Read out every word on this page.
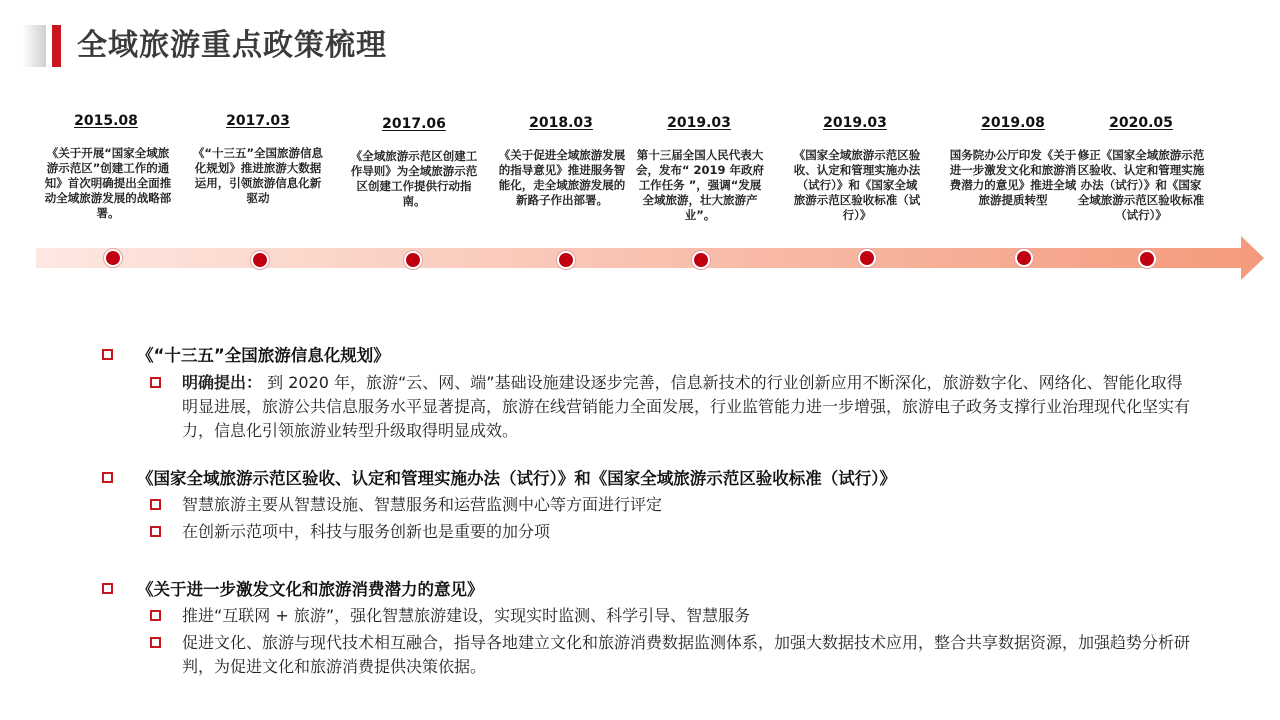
全域旅游重点政策梳理
2015.08
《关于开展“国家全域旅游示范区”创建工作的通知》首次明确提出全面推动全域旅游发展的战略部署。
2017.03
《“十三五”全国旅游信息化规划》推进旅游大数据运用，引领旅游信息化新驱动
2017.06
《全域旅游示范区创建工作导则》为全域旅游示范区创建工作提供行动指南。
2018.03
《关于促进全域旅游发展的指导意见》推进服务智能化，走全域旅游发展的新路子作出部署。
2019.03
第十三届全国人民代表大会，发布“ 2019 年政府工作任务 ”，强调“发展全域旅游，壮大旅游产业”。
2019.03
《国家全域旅游示范区验收、认定和管理实施办法（试行）》和《国家全域旅游示范区验收标准（试行）》
2019.08
国务院办公厅印发《关于进一步激发文化和旅游消费潜力的意见》推进全域旅游提质转型
2020.05
修正《国家全域旅游示范区验收、认定和管理实施办法（试行）》和《国家全域旅游示范区验收标准（试行）》
《“十三五”全国旅游信息化规划》
明确提出： 到 2020 年，旅游“云、网、端”基础设施建设逐步完善，信息新技术的行业创新应用不断深化，旅游数字化、网络化、智能化取得明显进展，旅游公共信息服务水平显著提高，旅游在线营销能力全面发展，行业监管能力进一步增强，旅游电子政务支撑行业治理现代化坚实有力，信息化引领旅游业转型升级取得明显成效。
《国家全域旅游示范区验收、认定和管理实施办法（试行）》和《国家全域旅游示范区验收标准（试行）》
智慧旅游主要从智慧设施、智慧服务和运营监测中心等方面进行评定
在创新示范项中，科技与服务创新也是重要的加分项
《关于进一步激发文化和旅游消费潜力的意见》
推进“互联网 + 旅游”，强化智慧旅游建设，实现实时监测、科学引导、智慧服务
促进文化、旅游与现代技术相互融合，指导各地建立文化和旅游消费数据监测体系，加强大数据技术应用，整合共享数据资源，加强趋势分析研判，为促进文化和旅游消费提供决策依据。
